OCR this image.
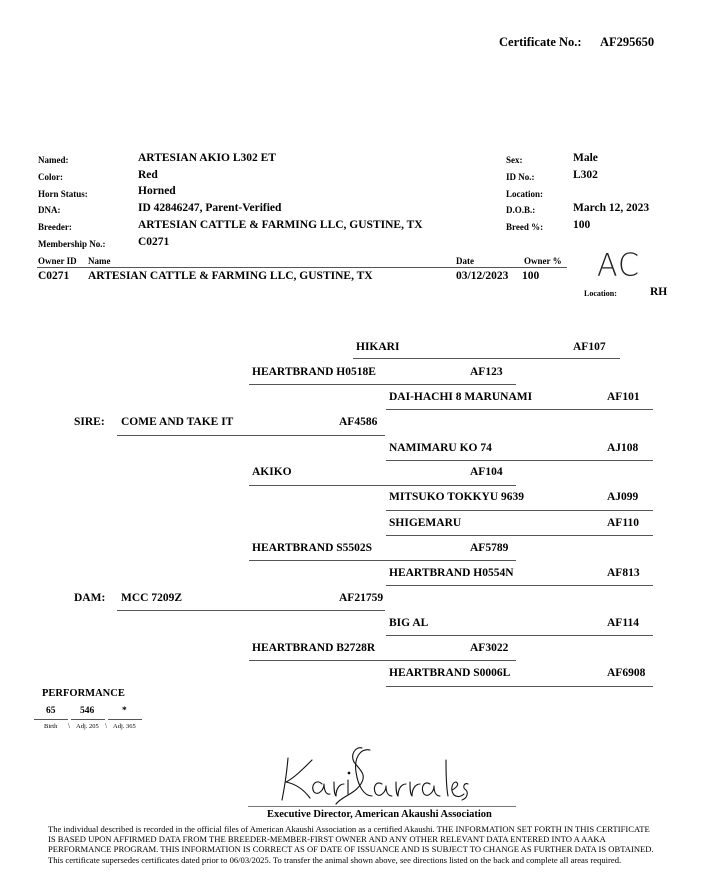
Certificate No.: AF295650
Named:	ARTESIAN AKIO L302 ET
Color:	Red
Horn Status:	Horned
DNA:	ID 42846247, Parent-Verified
Breeder:	ARTESIAN CATTLE & FARMING LLC, GUSTINE, TX
Membership No.:	C0271
Sex:	Male
ID No.:	L302
Location:
D.O.B.:	March 12, 2023
Breed %:	100
Owner ID Name	Date	Owner %
C0271 ARTESIAN CATTLE & FARMING LLC, GUSTINE, TX	03/12/2023 100 AC
Location:	RH
HIKARI	AF107
HEARTBRAND H0518E	AF123
DAI-HACHI 8 MARUNAMI	AF101
SIRE: COME AND TAKE IT	AF4586
NAMIMARU KO 74	AJ108
AKIKO	AF104
MITSUKO TOKKYU 9639	AJ099
SHIGEMARU	AF110
HEARTBRAND S5502S	AF5789
HEARTBRAND H0554N	AF813
DAM: MCC 7209Z	AF21759
BIG AL	AF114
HEARTBRAND B2728R	AF3022
HEARTBRAND S0006L	AF6908
PERFORMANCE
65	546	*
Birth \ Adj. 205 \ Adj. 365
Executive Director, American Akaushi Association
The individual described is recorded in the official files of American Akaushi Association as a certified Akaushi. THE INFORMATION SET FORTH IN THIS CERTIFICATE IS BASED UPON AFFIRMED DATA FROM THE BREEDER-MEMBER-FIRST OWNER AND ANY OTHER RELEVANT DATA ENTERED INTO A AAKA PERFORMANCE PROGRAM. THIS INFORMATION IS CORRECT AS OF DATE OF ISSUANCE AND IS SUBJECT TO CHANGE AS FURTHER DATA IS OBTAINED. This certificate supersedes certificates dated prior to 06/03/2025. To transfer the animal shown above, see directions listed on the back and complete all areas required.
